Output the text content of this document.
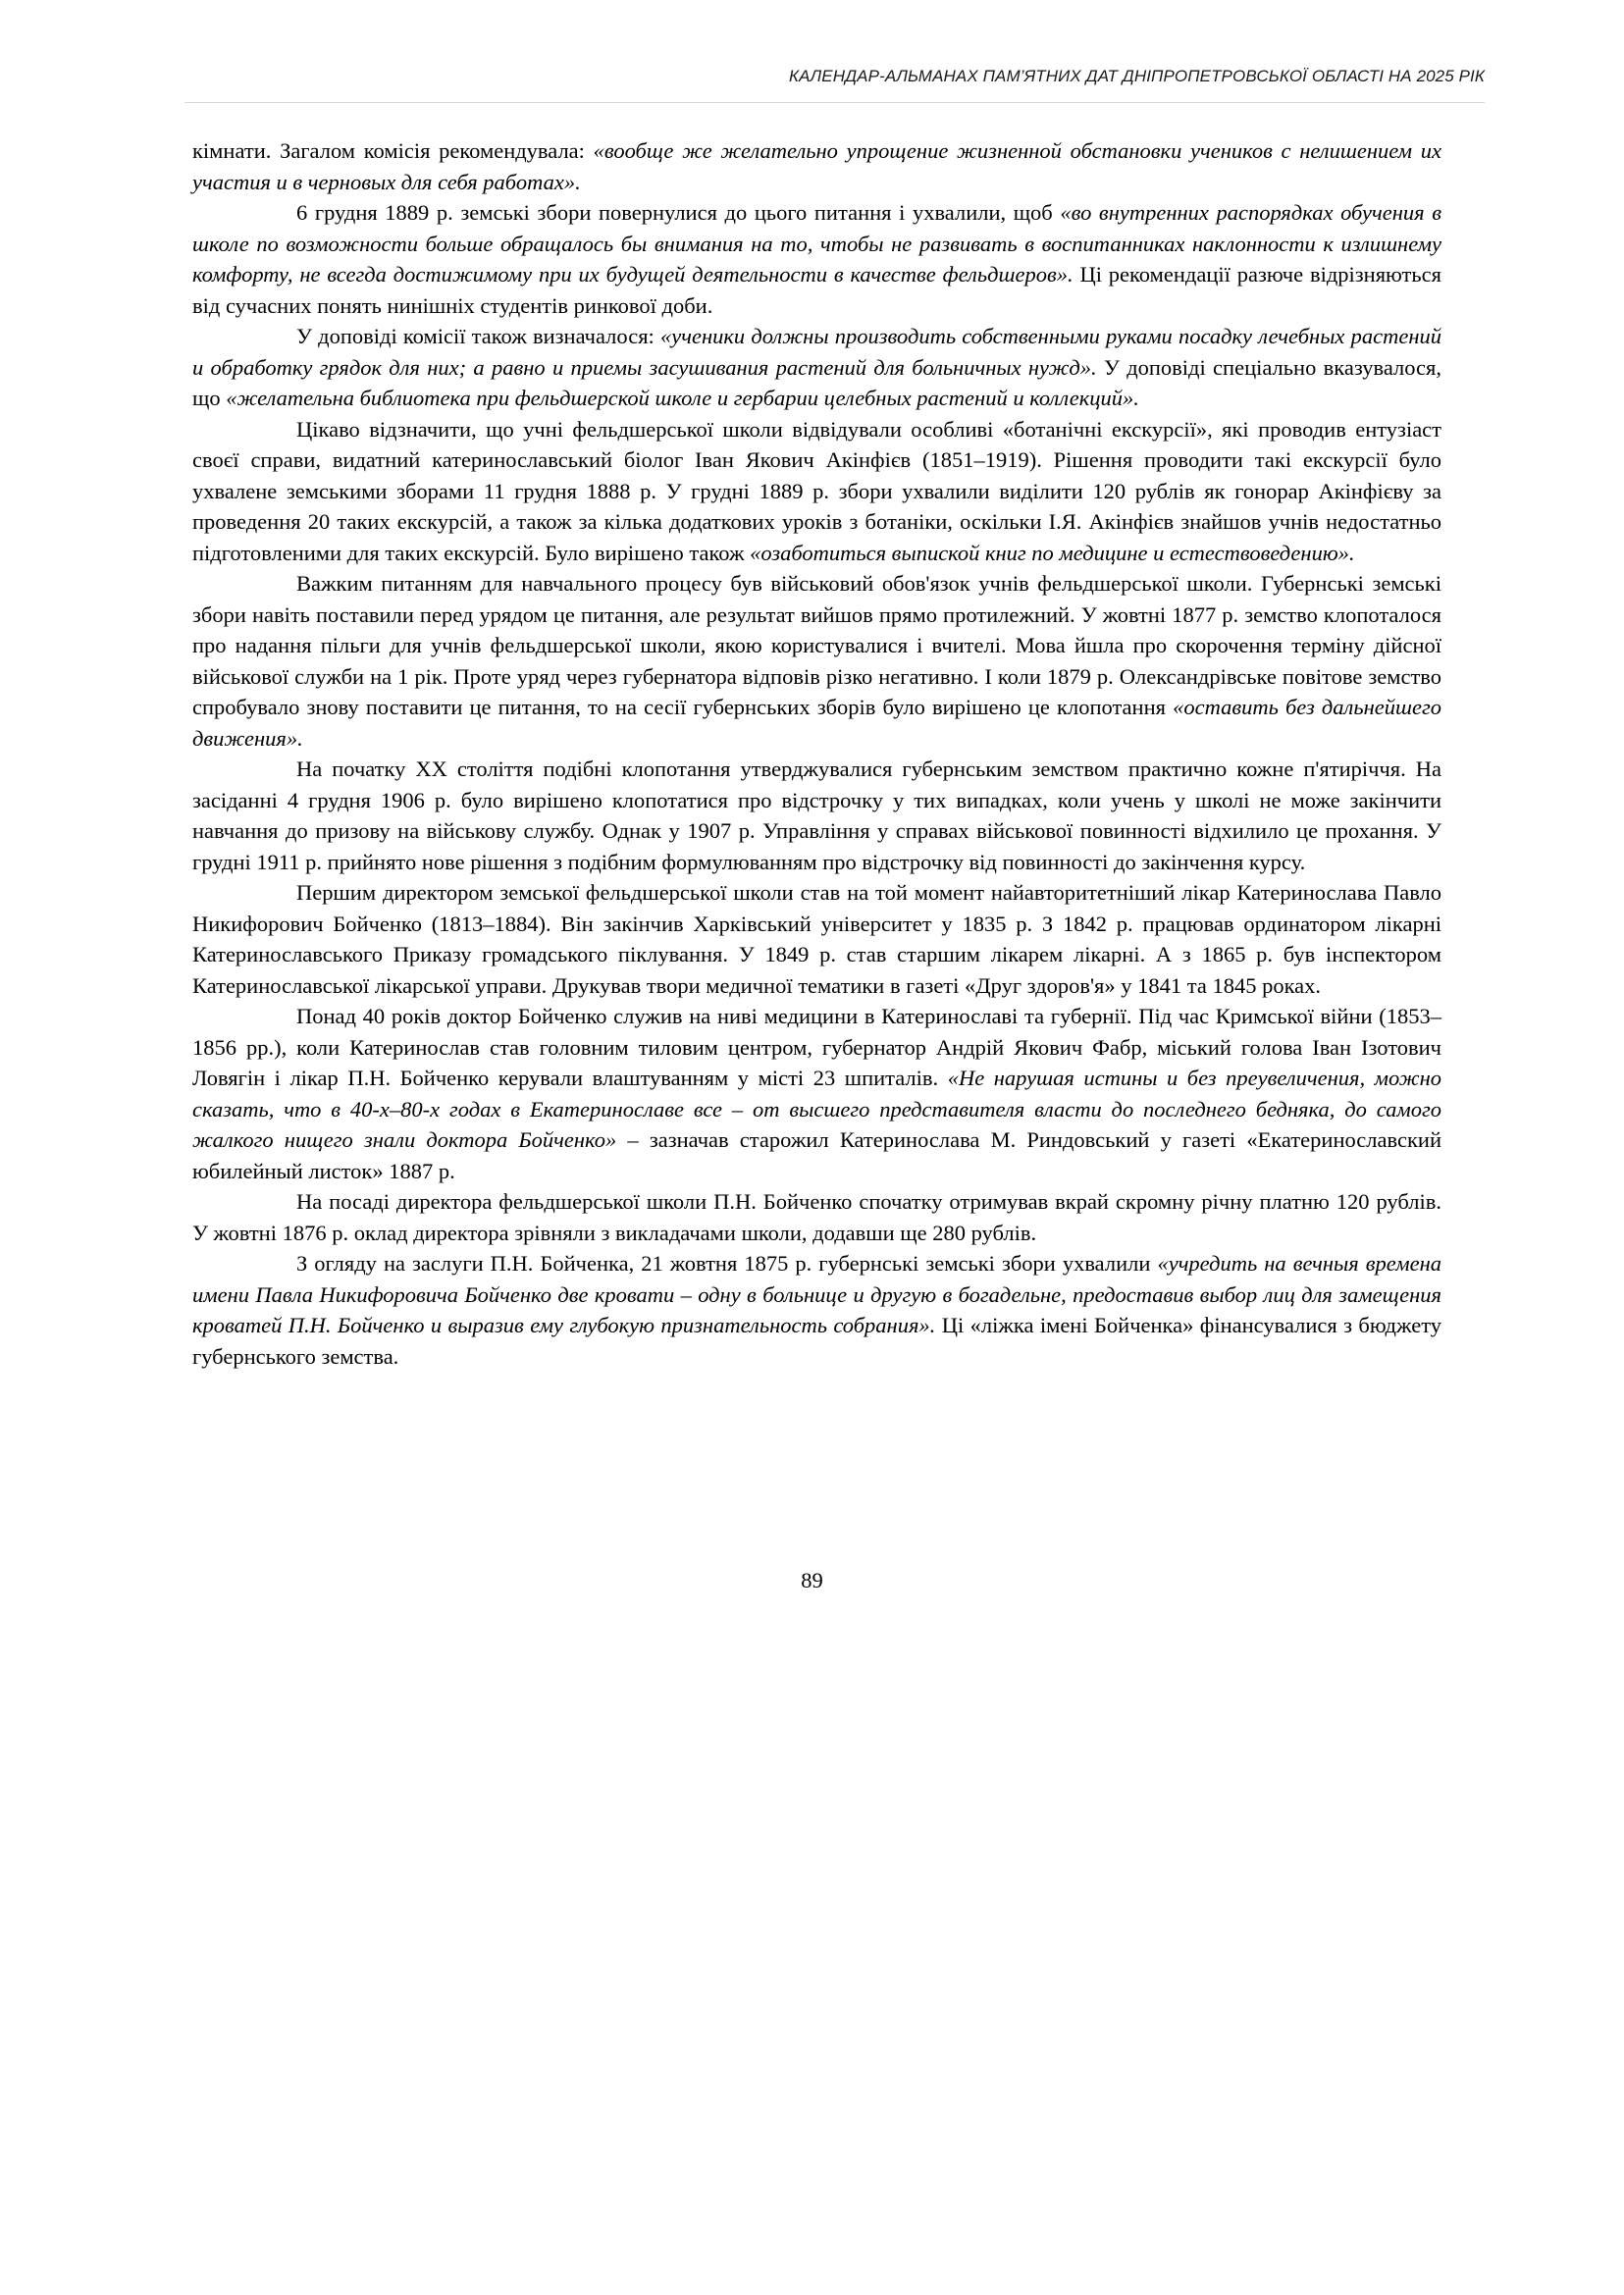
КАЛЕНДАР-АЛЬМАНАХ ПАМ’ЯТНИХ ДАТ ДНІПРОПЕТРОВСЬКОЇ ОБЛАСТІ НА 2025 РІК

кімнати. Загалом комісія рекомендувала: «вообще же желательно упрощение жизненной обстановки учеников с нелишением их участия и в черновых для себя работах».

6 грудня 1889 р. земські збори повернулися до цього питання і ухвалили, щоб «во внутренних распорядках обучения в школе по возможности больше обращалось бы внимания на то, чтобы не развивать в воспитанниках наклонности к излишнему комфорту, не всегда достижимому при их будущей деятельности в качестве фельдшеров». Ці рекомендації разюче відрізняються від сучасних понять нинішніх студентів ринкової доби.

У доповіді комісії також визначалося: «ученики должны производить собственными руками посадку лечебных растений и обработку грядок для них; а равно и приемы засушивания растений для больничных нужд». У доповіді спеціально вказувалося, що «желательна библиотека при фельдшерской школе и гербарии целебных растений и коллекций».

Цікаво відзначити, що учні фельдшерської школи відвідували особливі «ботанічні екскурсії», які проводив ентузіаст своєї справи, видатний катеринославський біолог Іван Якович Акінфієв (1851–1919). Рішення проводити такі екскурсії було ухвалене земськими зборами 11 грудня 1888 р. У грудні 1889 р. збори ухвалили виділити 120 рублів як гонорар Акінфієву за проведення 20 таких екскурсій, а також за кілька додаткових уроків з ботаніки, оскільки І.Я. Акінфієв знайшов учнів недостатньо підготовленими для таких екскурсій. Було вирішено також «озаботиться выпиской книг по медицине и естествоведению».

Важким питанням для навчального процесу був військовий обов'язок учнів фельдшерської школи. Губернські земські збори навіть поставили перед урядом це питання, але результат вийшов прямо протилежний. У жовтні 1877 р. земство клопоталося про надання пільги для учнів фельдшерської школи, якою користувалися і вчителі. Мова йшла про скорочення терміну дійсної військової служби на 1 рік. Проте уряд через губернатора відповів різко негативно. І коли 1879 р. Олександрівське повітове земство спробувало знову поставити це питання, то на сесії губернських зборів було вирішено це клопотання «оставить без дальнейшего движения».

На початку ХХ століття подібні клопотання утверджувалися губернським земством практично кожне п'ятиріччя. На засіданні 4 грудня 1906 р. було вирішено клопотатися про відстрочку у тих випадках, коли учень у школі не може закінчити навчання до призову на військову службу. Однак у 1907 р. Управління у справах військової повинності відхилило це прохання. У грудні 1911 р. прийнято нове рішення з подібним формулюванням про відстрочку від повинності до закінчення курсу.

Першим директором земської фельдшерської школи став на той момент найавторитетніший лікар Катеринослава Павло Никифорович Бойченко (1813–1884). Він закінчив Харківський університет у 1835 р. З 1842 р. працював ординатором лікарні Катеринославського Приказу громадського піклування. У 1849 р. став старшим лікарем лікарні. А з 1865 р. був інспектором Катеринославської лікарської управи. Друкував твори медичної тематики в газеті «Друг здоров'я» у 1841 та 1845 роках.

Понад 40 років доктор Бойченко служив на ниві медицини в Катеринославі та губернії. Під час Кримської війни (1853–1856 рр.), коли Катеринослав став головним тиловим центром, губернатор Андрій Якович Фабр, міський голова Іван Ізотович Ловягін і лікар П.Н. Бойченко керували влаштуванням у місті 23 шпиталів. «Не нарушая истины и без преувеличения, можно сказать, что в 40-х–80-х годах в Екатеринославе все – от высшего представителя власти до последнего бедняка, до самого жалкого нищего знали доктора Бойченко» – зазначав старожил Катеринослава М. Риндовський у газеті «Екатеринославский юбилейный листок» 1887 р.

На посаді директора фельдшерської школи П.Н. Бойченко спочатку отримував вкрай скромну річну платню 120 рублів. У жовтні 1876 р. оклад директора зрівняли з викладачами школи, додавши ще 280 рублів.

З огляду на заслуги П.Н. Бойченка, 21 жовтня 1875 р. губернські земські збори ухвалили «учредить на вечныя времена имени Павла Никифоровича Бойченко две кровати – одну в больнице и другую в богадельне, предоставив выбор лиц для замещения кроватей П.Н. Бойченко и выразив ему глубокую признательность собрания». Ці «ліжка імені Бойченка» фінансувалися з бюджету губернського земства.

89
